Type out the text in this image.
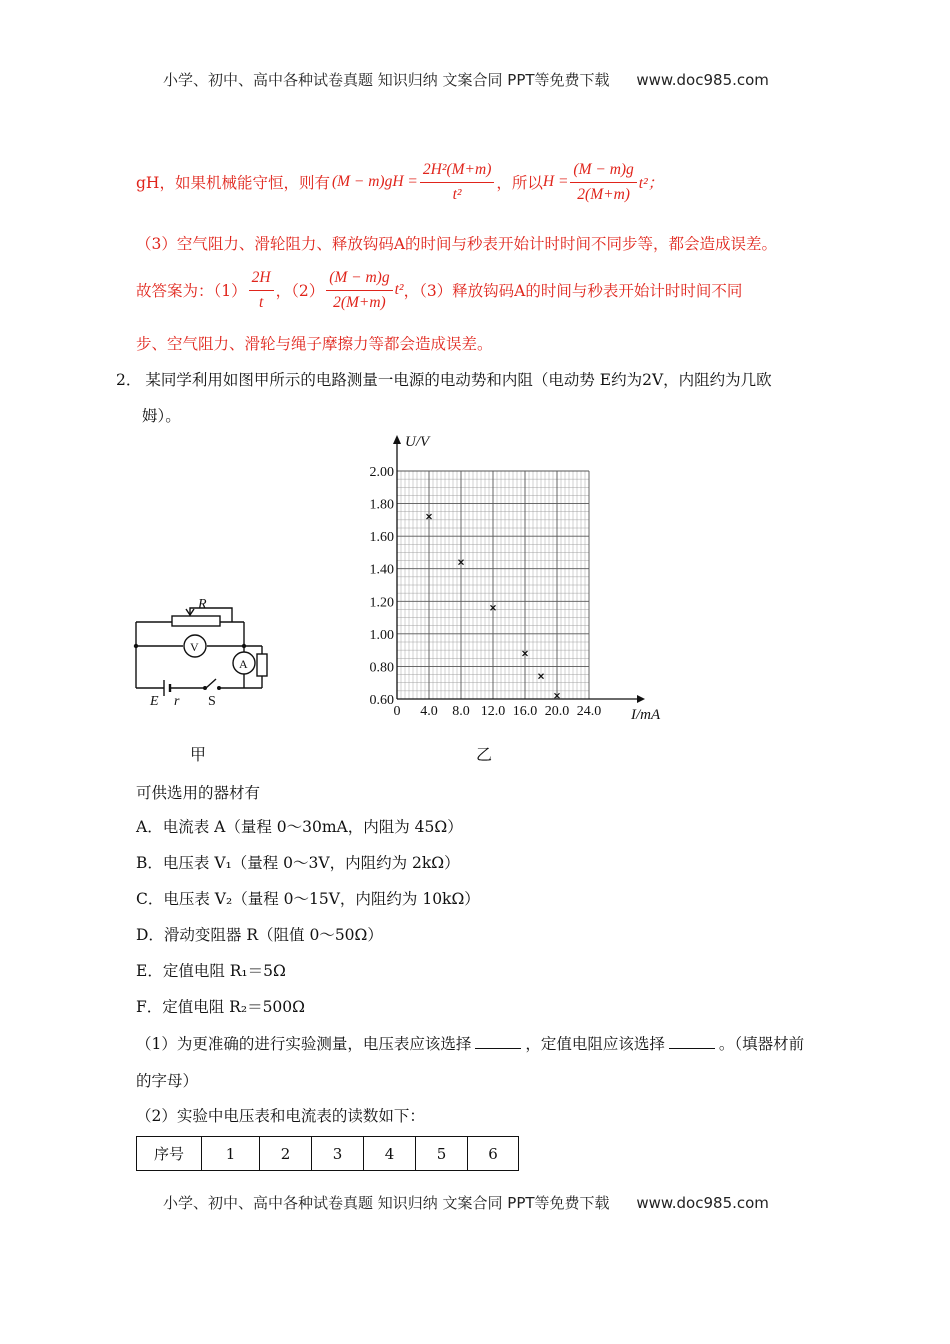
小学、初中、高中各种试卷真题 知识归纳 文案合同 PPT等免费下载 www.doc985.com
gH，如果机械能守恒，则有 $(M - m)gH = \frac{\text{2H²(M+m)}}{\text{t²}}$ ，所以 $H = \frac{(M - m)g}{2(M+m)} t^2$；
（3）空气阻力、滑轮阻力、释放钩码A的时间与秒表开始计时时间不同步等，都会造成误差。
故答案为：$(1) \frac{2H}{t}$ ，$(2) \frac{(M - m)g}{2(M+m)} t^2$ ，（3）释放钩码A的时间与秒表开始计时时间不同
步、空气阻力、滑轮与绳子摩擦力等都会造成误差。
2． 某同学利用如图甲所示的电路测量一电源的电动势和内阻（电动势 E约为2V，内阻约为几欧
姆）。
R
V
A
E r S
甲
0.60
0.80
1.00
1.20
1.40
1.60
1.80
2.00
0 4.0 8.0 12.0 16.0 20.0 24.0
U/V
I/mA
乙
可供选用的器材有
A．电流表 A（量程 0～30mA，内阻为 45Ω）
B．电压表 V₁（量程 0～3V，内阻约为 2kΩ）
C．电压表 V₂（量程 0～15V，内阻约为 10kΩ）
D．滑动变阻器 R（阻值 0～50Ω）
E．定值电阻 R₁＝5Ω
F．定值电阻 R₂＝500Ω
（1）为更准确的进行实验测量，电压表应该选择	，定值电阻应该选择	。（填器材前
的字母）
（2）实验中电压表和电流表的读数如下：
序号	1	2	3	4	5	6
小学、初中、高中各种试卷真题 知识归纳 文案合同 PPT等免费下载 www.doc985.com
